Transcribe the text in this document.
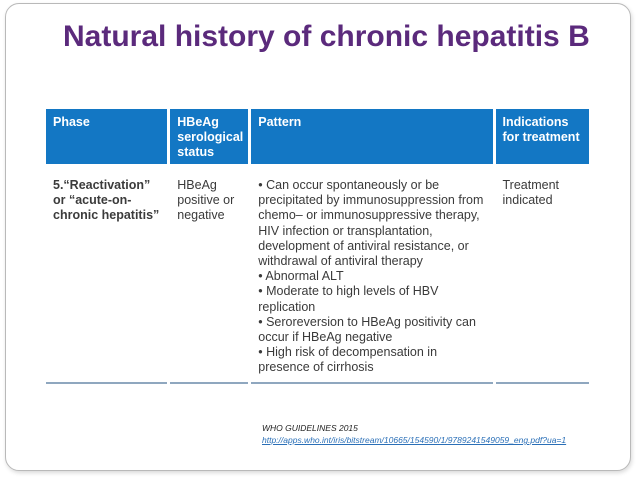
Natural history of chronic hepatitis B
Phase	HBeAg serological status	Pattern	Indications for treatment
5.“Reactivation” or “acute-on-chronic hepatitis”	HBeAg positive or negative	• Can occur spontaneously or be precipitated by immunosuppression from chemo– or immunosuppressive therapy, HIV infection or transplantation, development of antiviral resistance, or withdrawal of antiviral therapy
• Abnormal ALT
• Moderate to high levels of HBV replication
• Seroreversion to HBeAg positivity can occur if HBeAg negative
• High risk of decompensation in presence of cirrhosis	Treatment indicated
WHO GUIDELINES 2015
http://apps.who.int/iris/bitstream/10665/154590/1/9789241549059_eng.pdf?ua=1
